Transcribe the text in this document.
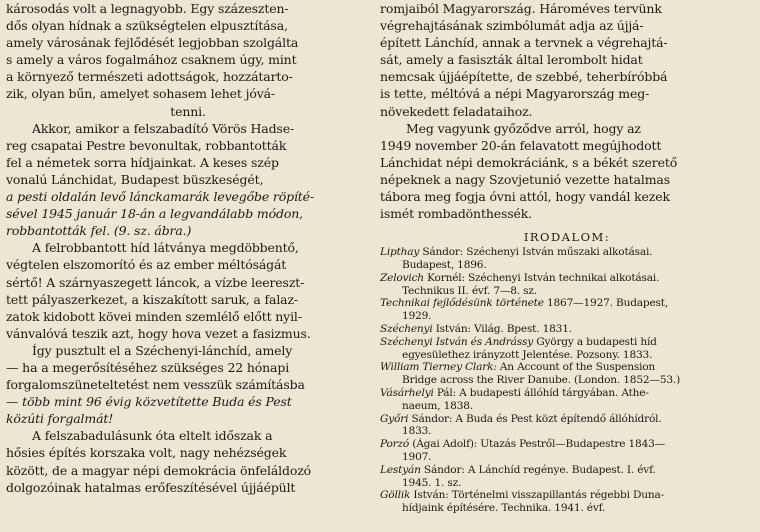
károsodás volt a legnagyobb. Egy százeszten-
dős olyan hídnak a szükségtelen elpusztítása,
amely városának fejlődését legjobban szolgálta
s amely a város fogalmához csaknem úgy, mint
a környező természeti adottságok, hozzátarto-
zik, olyan bűn, amelyet sohasem lehet jóvá-
tenni.
Akkor, amikor a felszabadító Vörös Hadse-
reg csapatai Pestre bevonultak, robbantották
fel a németek sorra hídjainkat. A keses szép
vonalú Lánchidat, Budapest büszkeségét,
a pesti oldalán levő lánckamarák levegőbe röpíté-
sével 1945 január 18-án a legvandálabb módon,
robbantották fel. (9. sz. ábra.)
A felrobbantott híd látványa megdöbbentő,
végtelen elszomorító és az ember méltóságát
sértő! A szárnyaszegett láncok, a vízbe leereszt-
tett pályaszerkezet, a kiszakított saruk, a falaz-
zatok kidobott kövei minden szemlélő előtt nyil-
vánvalóvá teszik azt, hogy hova vezet a fasizmus.
Így pusztult el a Széchenyi-lánchíd, amely
— ha a megerősítéséhez szükséges 22 hónapi
forgalomszüneteltetést nem vesszük számításba
— több mint 96 évig közvetítette Buda és Pest
közúti forgalmát!
A felszabadulásunk óta eltelt időszak a
hősies építés korszaka volt, nagy nehézségek
között, de a magyar népi demokrácia önfeláldozó
dolgozóinak hatalmas erőfeszítésével újjáépült
romjaiból Magyarország. Hároméves tervünk
végrehajtásának szimbólumát adja az újjá-
épített Lánchíd, annak a tervnek a végrehajtá-
sát, amely a fasiszták által lerombolt hidat
nemcsak újjáépítette, de szebbé, teherbíróbbá
is tette, méltóvá a népi Magyarország meg-
növekedett feladataihoz.
Meg vagyunk győződve arról, hogy az
1949 november 20-án felavatott megújhodott
Lánchidat népi demokráciánk, s a békét szerető
népeknek a nagy Szovjetunió vezette hatalmas
tábora meg fogja óvni attól, hogy vandál kezek
ismét rombadönthessék.
IRODALOM:
Lipthay Sándor: Széchenyi István műszaki alkotásai.
Budapest, 1896.
Zelovich Kornél: Széchenyi István technikai alkotásai.
Technikus II. évf. 7—8. sz.
Technikai fejlődésünk története 1867—1927. Budapest,
1929.
Széchenyi István: Világ. Bpest. 1831.
Széchenyi István és Andrássy György a budapesti híd
egyesülethez irányzott Jelentése. Pozsony. 1833.
William Tierney Clark: An Account of the Suspension
Bridge across the River Danube. (London. 1852—53.)
Vásárhelyi Pál: A budapesti állóhíd tárgyában. Athe-
naeum, 1838.
Győri Sándor: A Buda és Pest közt építendő állóhídról.
1833.
Porzó (Ágai Adolf): Utazás Pestről—Budapestre 1843—
1907.
Lestyán Sándor: A Lánchíd regénye. Budapest. I. évf.
1945. 1. sz.
Göllik István: Történelmi visszapillantás régebbi Duna-
hídjaink építésére. Technika. 1941. évf.
